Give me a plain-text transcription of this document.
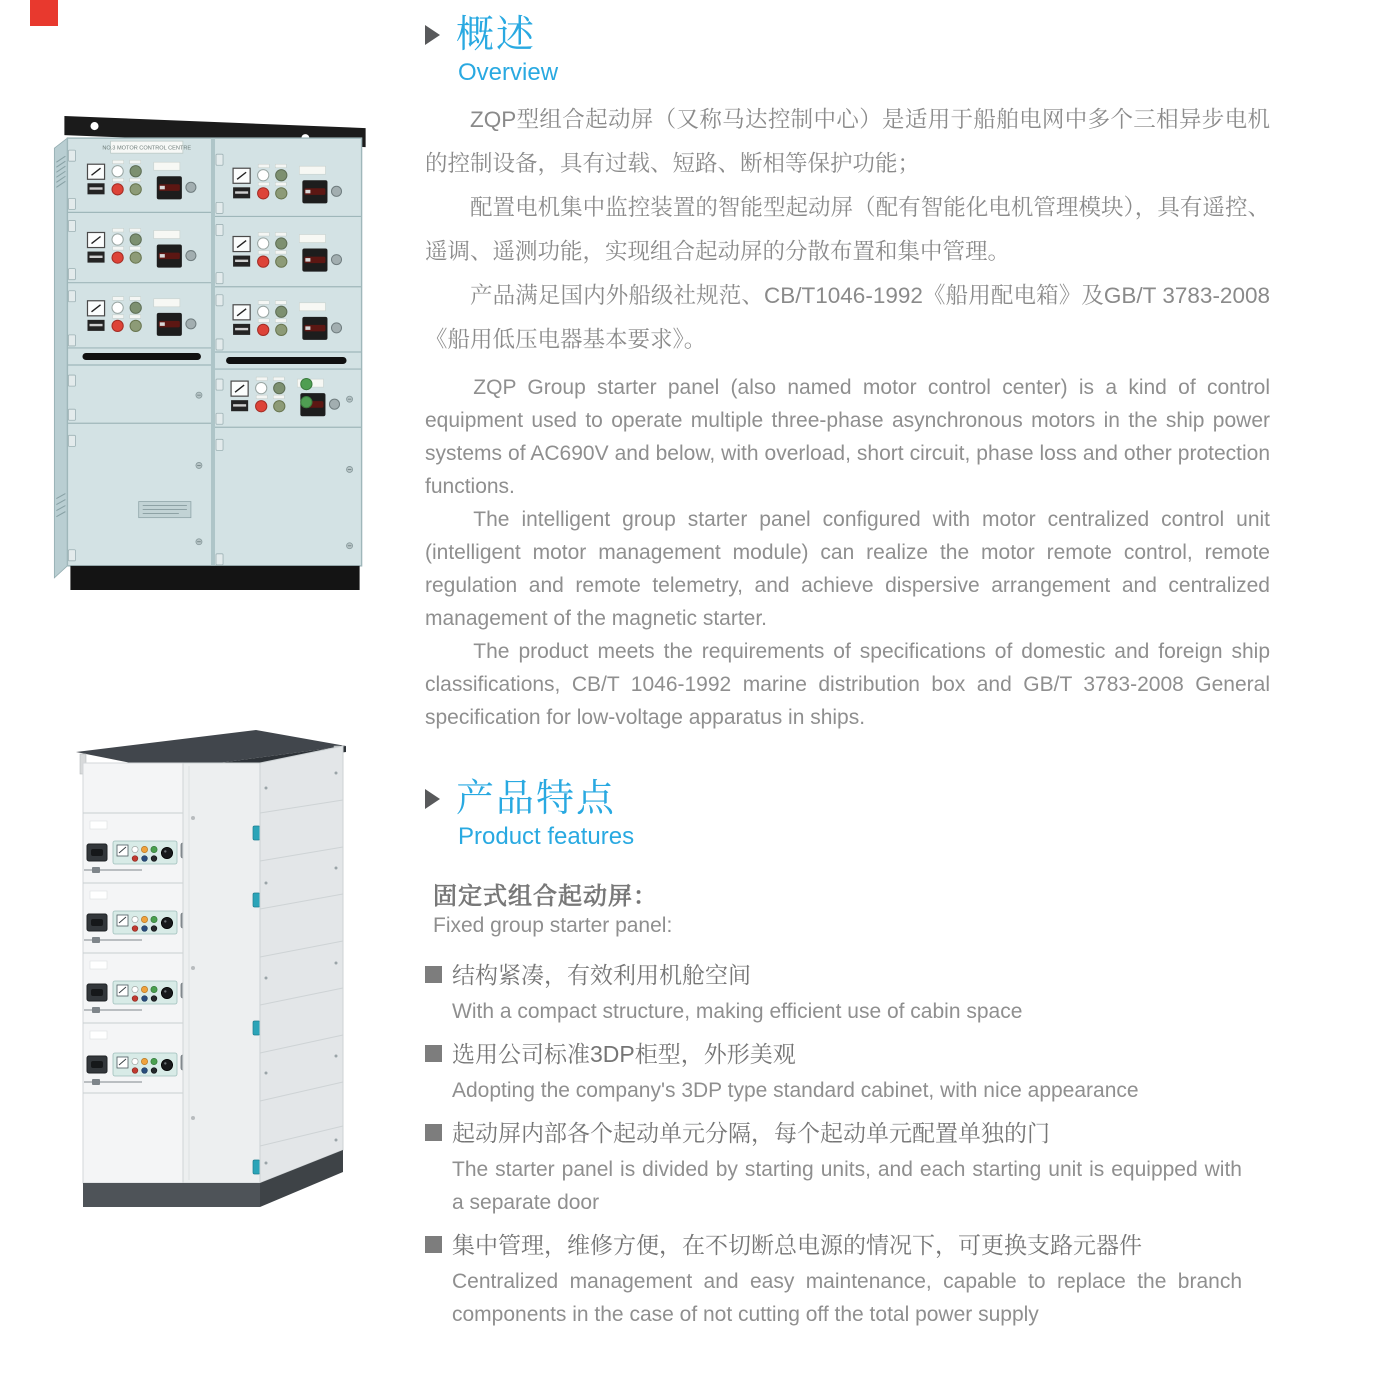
NO.3 MOTOR CONTROL CENTRE
概述
Overview

ZQP型组合起动屏（又称马达控制中心）是适用于船舶电网中多个三相异步电机的控制设备，具有过载、短路、断相等保护功能；

配置电机集中监控装置的智能型起动屏（配有智能化电机管理模块），具有遥控、遥调、遥测功能，实现组合起动屏的分散布置和集中管理。

产品满足国内外船级社规范、CB/T1046-1992《船用配电箱》及GB/T 3783-2008《船用低压电器基本要求》。

ZQP Group starter panel (also named motor control center) is a kind of control equipment used to operate multiple three-phase asynchronous motors in the ship power systems of AC690V and below, with overload, short circuit, phase loss and other protection functions.

The intelligent group starter panel configured with motor centralized control unit (intelligent motor management module) can realize the motor remote control, remote regulation and remote telemetry, and achieve dispersive arrangement and centralized management of the magnetic starter.

The product meets the requirements of specifications of domestic and foreign ship classifications, CB/T 1046-1992 marine distribution box and GB/T 3783-2008 General specification for low-voltage apparatus in ships.

产品特点
Product features
固定式组合起动屏：
Fixed group starter panel:
结构紧凑，有效利用机舱空间
With a compact structure, making efficient use of cabin space
选用公司标准3DP柜型，外形美观
Adopting the company's 3DP type standard cabinet, with nice appearance
起动屏内部各个起动单元分隔，每个起动单元配置单独的门
The starter panel is divided by starting units, and each starting unit is equipped with a separate door
集中管理，维修方便，在不切断总电源的情况下，可更换支路元器件
Centralized management and easy maintenance, capable to replace the branch components in the case of not cutting off the total power supply
